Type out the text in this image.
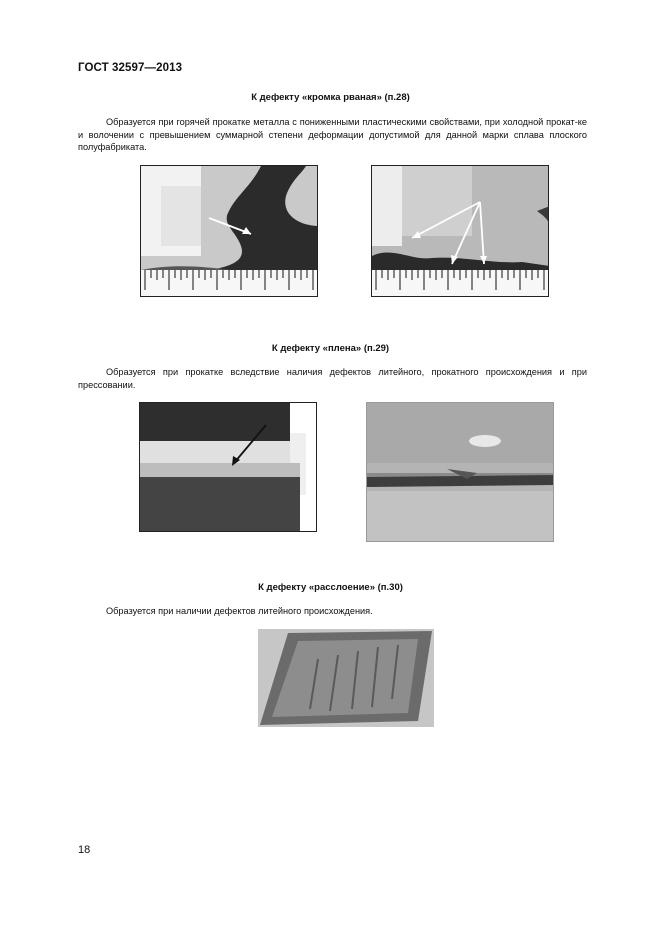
ГОСТ 32597—2013
К дефекту «кромка рваная» (п.28)
Образуется при горячей прокатке металла с пониженными пластическими свойствами, при холодной прокат-ке и волочении с превышением суммарной степени деформации допустимой для данной марки сплава плоского полуфабриката.
К дефекту «плена» (п.29)
Образуется при прокатке вследствие наличия дефектов литейного, прокатного происхождения и при прессовании.
К дефекту «расслоение» (п.30)
Образуется при наличии дефектов литейного происхождения.
18
